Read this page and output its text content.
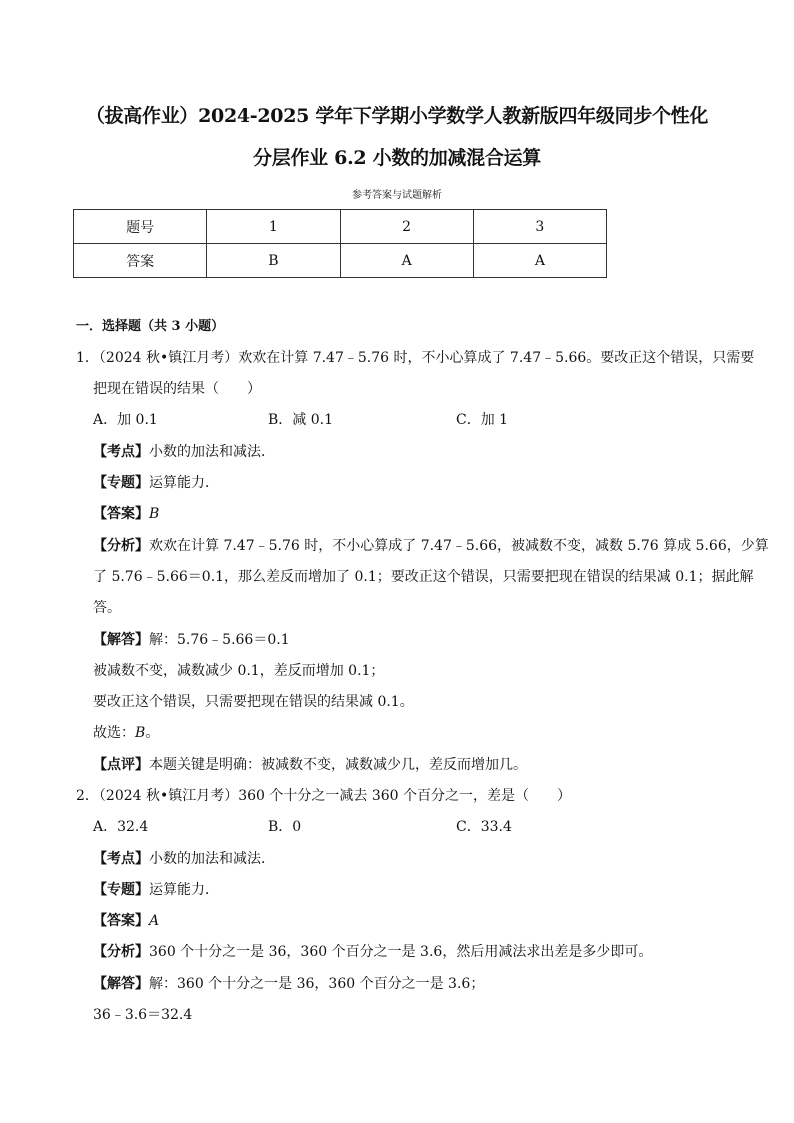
（拔高作业）2024-2025 学年下学期小学数学人教新版四年级同步个性化
分层作业 6.2 小数的加减混合运算
参考答案与试题解析
题号	1	2	3
答案	B	A	A
一．选择题（共 3 小题）
1．（2024 秋•镇江月考）欢欢在计算 7.47﹣5.76 时，不小心算成了 7.47﹣5.66。要改正这个错误，只需要
把现在错误的结果（　　）
A．加 0.1	B．减 0.1	C．加 1
【考点】小数的加法和减法．
【专题】运算能力．
【答案】B
【分析】欢欢在计算 7.47﹣5.76 时，不小心算成了 7.47﹣5.66，被减数不变，减数 5.76 算成 5.66，少算
了 5.76﹣5.66＝0.1，那么差反而增加了 0.1；要改正这个错误，只需要把现在错误的结果减 0.1；据此解
答。
【解答】解：5.76﹣5.66＝0.1
被减数不变，减数减少 0.1，差反而增加 0.1；
要改正这个错误，只需要把现在错误的结果减 0.1。
故选：B。
【点评】本题关键是明确：被减数不变，减数减少几，差反而增加几。
2．（2024 秋•镇江月考）360 个十分之一减去 360 个百分之一，差是（　　）
A．32.4	B．0	C．33.4
【考点】小数的加法和减法．
【专题】运算能力．
【答案】A
【分析】360 个十分之一是 36，360 个百分之一是 3.6，然后用减法求出差是多少即可。
【解答】解：360 个十分之一是 36，360 个百分之一是 3.6；
36﹣3.6＝32.4
